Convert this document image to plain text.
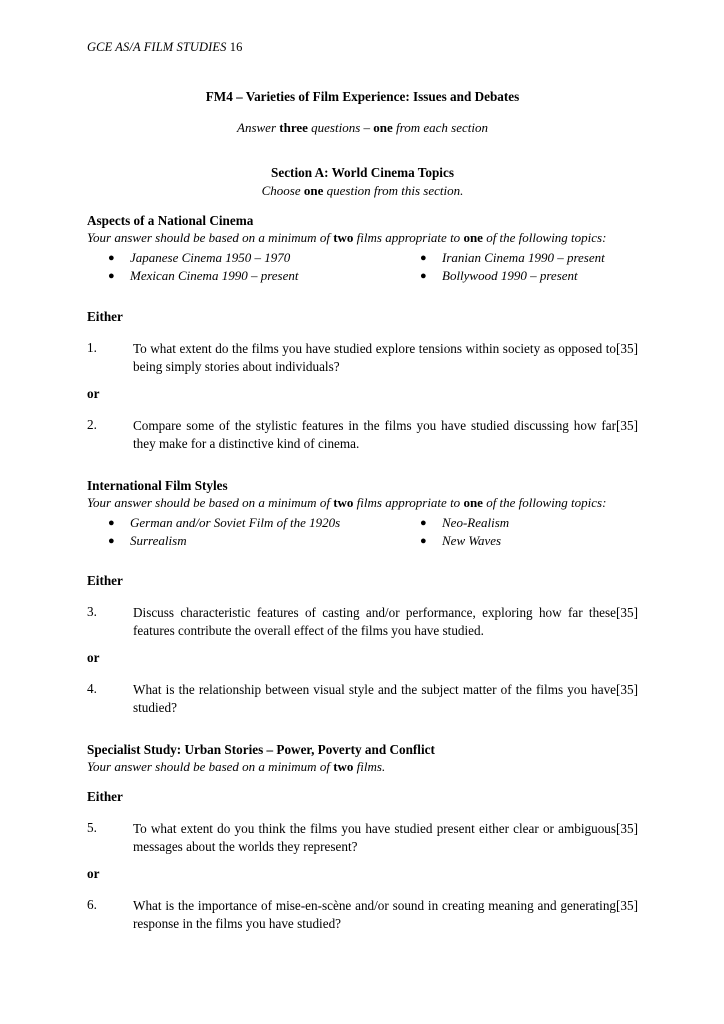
GCE AS/A FILM STUDIES 16
FM4 – Varieties of Film Experience: Issues and Debates
Answer three questions – one from each section
Section A: World Cinema Topics
Choose one question from this section.
Aspects of a National Cinema
Your answer should be based on a minimum of two films appropriate to one of the following topics:
● Japanese Cinema 1950 – 1970
● Mexican Cinema 1990 – present
● Iranian Cinema 1990 – present
● Bollywood 1990 – present
Either
1.	[35]
To what extent do the films you have studied explore tensions within society as opposed to being simply stories about individuals?
or
2.	[35]
Compare some of the stylistic features in the films you have studied discussing how far they make for a distinctive kind of cinema.
International Film Styles
Your answer should be based on a minimum of two films appropriate to one of the following topics:
● German and/or Soviet Film of the 1920s
● Surrealism
● Neo-Realism
● New Waves
Either
3.	[35]
Discuss characteristic features of casting and/or performance, exploring how far these features contribute the overall effect of the films you have studied.
or
4.	[35]
What is the relationship between visual style and the subject matter of the films you have studied?
Specialist Study: Urban Stories – Power, Poverty and Conflict
Your answer should be based on a minimum of two films.
Either
5.	[35]
To what extent do you think the films you have studied present either clear or ambiguous messages about the worlds they represent?
or
6.	[35]
What is the importance of mise-en-scène and/or sound in creating meaning and generating response in the films you have studied?
